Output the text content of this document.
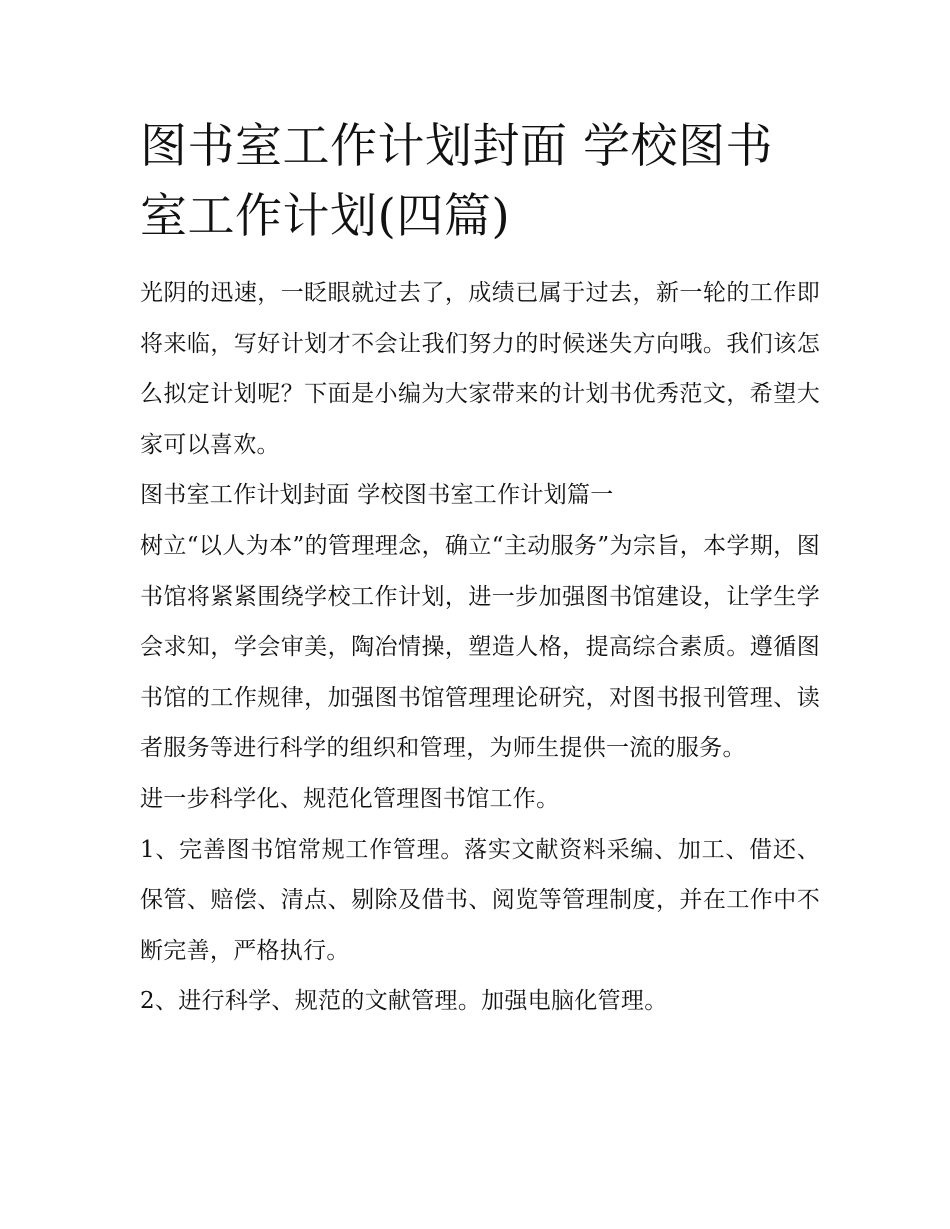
图书室工作计划封面 学校图书室工作计划(四篇)

光阴的迅速，一眨眼就过去了，成绩已属于过去，新一轮的工作即将来临，写好计划才不会让我们努力的时候迷失方向哦。我们该怎么拟定计划呢？下面是小编为大家带来的计划书优秀范文，希望大家可以喜欢。

图书室工作计划封面 学校图书室工作计划篇一

树立“以人为本”的管理理念，确立“主动服务”为宗旨，本学期，图书馆将紧紧围绕学校工作计划，进一步加强图书馆建设，让学生学会求知，学会审美，陶冶情操，塑造人格，提高综合素质。遵循图书馆的工作规律，加强图书馆管理理论研究，对图书报刊管理、读者服务等进行科学的组织和管理，为师生提供一流的服务。

进一步科学化、规范化管理图书馆工作。

1、完善图书馆常规工作管理。落实文献资料采编、加工、借还、保管、赔偿、清点、剔除及借书、阅览等管理制度，并在工作中不断完善，严格执行。

2、进行科学、规范的文献管理。加强电脑化管理。
